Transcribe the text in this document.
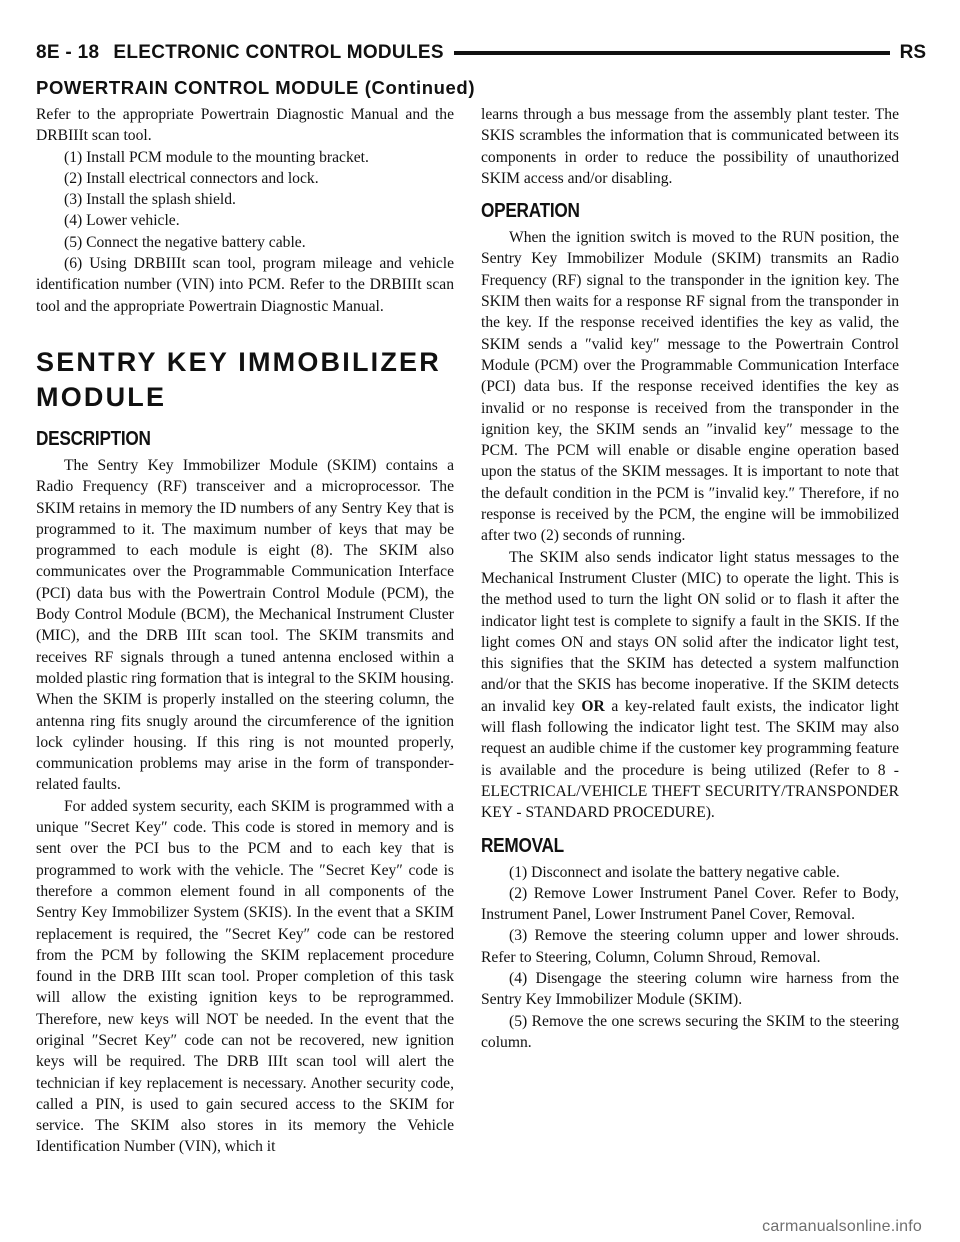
8E - 18 ELECTRONIC CONTROL MODULES	RS
POWERTRAIN CONTROL MODULE (Continued)

Refer to the appropriate Powertrain Diagnostic Manual and the DRBIIIt scan tool.

(1) Install PCM module to the mounting bracket.

(2) Install electrical connectors and lock.

(3) Install the splash shield.

(4) Lower vehicle.

(5) Connect the negative battery cable.

(6) Using DRBIIIt scan tool, program mileage and vehicle identification number (VIN) into PCM. Refer to the DRBIIIt scan tool and the appropriate Powertrain Diagnostic Manual.

SENTRY KEY IMMOBILIZER MODULE
DESCRIPTION

The Sentry Key Immobilizer Module (SKIM) contains a Radio Frequency (RF) transceiver and a microprocessor. The SKIM retains in memory the ID numbers of any Sentry Key that is programmed to it. The maximum number of keys that may be programmed to each module is eight (8). The SKIM also communicates over the Programmable Communication Interface (PCI) data bus with the Powertrain Control Module (PCM), the Body Control Module (BCM), the Mechanical Instrument Cluster (MIC), and the DRB IIIt scan tool. The SKIM transmits and receives RF signals through a tuned antenna enclosed within a molded plastic ring formation that is integral to the SKIM housing. When the SKIM is properly installed on the steering column, the antenna ring fits snugly around the circumference of the ignition lock cylinder housing. If this ring is not mounted properly, communication problems may arise in the form of transponder-related faults.

For added system security, each SKIM is programmed with a unique ″Secret Key″ code. This code is stored in memory and is sent over the PCI bus to the PCM and to each key that is programmed to work with the vehicle. The ″Secret Key″ code is therefore a common element found in all components of the Sentry Key Immobilizer System (SKIS). In the event that a SKIM replacement is required, the ″Secret Key″ code can be restored from the PCM by following the SKIM replacement procedure found in the DRB IIIt scan tool. Proper completion of this task will allow the existing ignition keys to be reprogrammed. Therefore, new keys will NOT be needed. In the event that the original ″Secret Key″ code can not be recovered, new ignition keys will be required. The DRB IIIt scan tool will alert the technician if key replacement is necessary. Another security code, called a PIN, is used to gain secured access to the SKIM for service. The SKIM also stores in its memory the Vehicle Identification Number (VIN), which it

learns through a bus message from the assembly plant tester. The SKIS scrambles the information that is communicated between its components in order to reduce the possibility of unauthorized SKIM access and/or disabling.

OPERATION

When the ignition switch is moved to the RUN position, the Sentry Key Immobilizer Module (SKIM) transmits an Radio Frequency (RF) signal to the transponder in the ignition key. The SKIM then waits for a response RF signal from the transponder in the key. If the response received identifies the key as valid, the SKIM sends a ″valid key″ message to the Powertrain Control Module (PCM) over the Programmable Communication Interface (PCI) data bus. If the response received identifies the key as invalid or no response is received from the transponder in the ignition key, the SKIM sends an ″invalid key″ message to the PCM. The PCM will enable or disable engine operation based upon the status of the SKIM messages. It is important to note that the default condition in the PCM is ″invalid key.″ Therefore, if no response is received by the PCM, the engine will be immobilized after two (2) seconds of running.

The SKIM also sends indicator light status messages to the Mechanical Instrument Cluster (MIC) to operate the light. This is the method used to turn the light ON solid or to flash it after the indicator light test is complete to signify a fault in the SKIS. If the light comes ON and stays ON solid after the indicator light test, this signifies that the SKIM has detected a system malfunction and/or that the SKIS has become inoperative. If the SKIM detects an invalid key OR a key-related fault exists, the indicator light will flash following the indicator light test. The SKIM may also request an audible chime if the customer key programming feature is available and the procedure is being utilized (Refer to 8 - ELECTRICAL/VEHICLE THEFT SECURITY/TRANSPONDER KEY - STANDARD PROCEDURE).

REMOVAL

(1) Disconnect and isolate the battery negative cable.

(2) Remove Lower Instrument Panel Cover. Refer to Body, Instrument Panel, Lower Instrument Panel Cover, Removal.

(3) Remove the steering column upper and lower shrouds. Refer to Steering, Column, Column Shroud, Removal.

(4) Disengage the steering column wire harness from the Sentry Key Immobilizer Module (SKIM).

(5) Remove the one screws securing the SKIM to the steering column.

carmanualsonline.info
